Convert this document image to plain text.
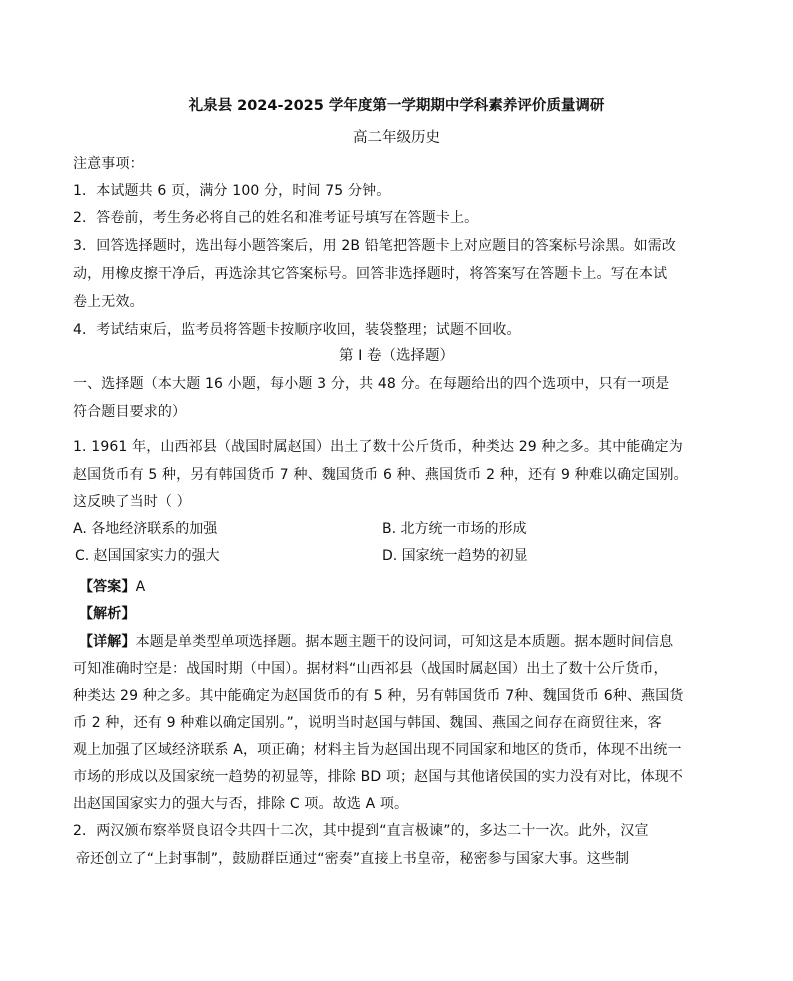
礼泉县 2024-2025 学年度第一学期期中学科素养评价质量调研
高二年级历史
注意事项：
1．本试题共 6 页，满分 100 分，时间 75 分钟。
2．答卷前，考生务必将自己的姓名和准考证号填写在答题卡上。
3．回答选择题时，选出每小题答案后，用 2B 铅笔把答题卡上对应题目的答案标号涂黑。如需改
动，用橡皮擦干净后，再选涂其它答案标号。回答非选择题时，将答案写在答题卡上。写在本试
卷上无效。
4．考试结束后，监考员将答题卡按顺序收回，装袋整理；试题不回收。
第 I 卷（选择题）
一、选择题（本大题 16 小题，每小题 3 分，共 48 分。在每题给出的四个选项中，只有一项是
符合题目要求的）
1. 1961 年，山西祁县（战国时属赵国）出土了数十公斤货币，种类达 29 种之多。其中能确定为
赵国货币有 5 种，另有韩国货币 7 种、魏国货币 6 种、燕国货币 2 种，还有 9 种难以确定国别。
这反映了当时（ ）
A. 各地经济联系的加强	B. 北方统一市场的形成
C. 赵国国家实力的强大	D. 国家统一趋势的初显
【答案】A
【解析】
【详解】本题是单类型单项选择题。据本题主题干的设问词，可知这是本质题。据本题时间信息
可知准确时空是：战国时期（中国）。据材料“山西祁县（战国时属赵国）出土了数十公斤货币，
种类达 29 种之多。其中能确定为赵国货币的有 5 种，另有韩国货币 7种、魏国货币 6种、燕国货
币 2 种，还有 9 种难以确定国别。”，说明当时赵国与韩国、魏国、燕国之间存在商贸往来，客
观上加强了区域经济联系 A，项正确；材料主旨为赵国出现不同国家和地区的货币，体现不出统一
市场的形成以及国家统一趋势的初显等，排除 BD 项；赵国与其他诸侯国的实力没有对比，体现不
出赵国国家实力的强大与否，排除 C 项。故选 A 项。
2．两汉颁布察举贤良诏令共四十二次，其中提到“直言极谏”的，多达二十一次。此外，汉宣
帝还创立了“上封事制”，鼓励群臣通过“密奏”直接上书皇帝，秘密参与国家大事。这些制
